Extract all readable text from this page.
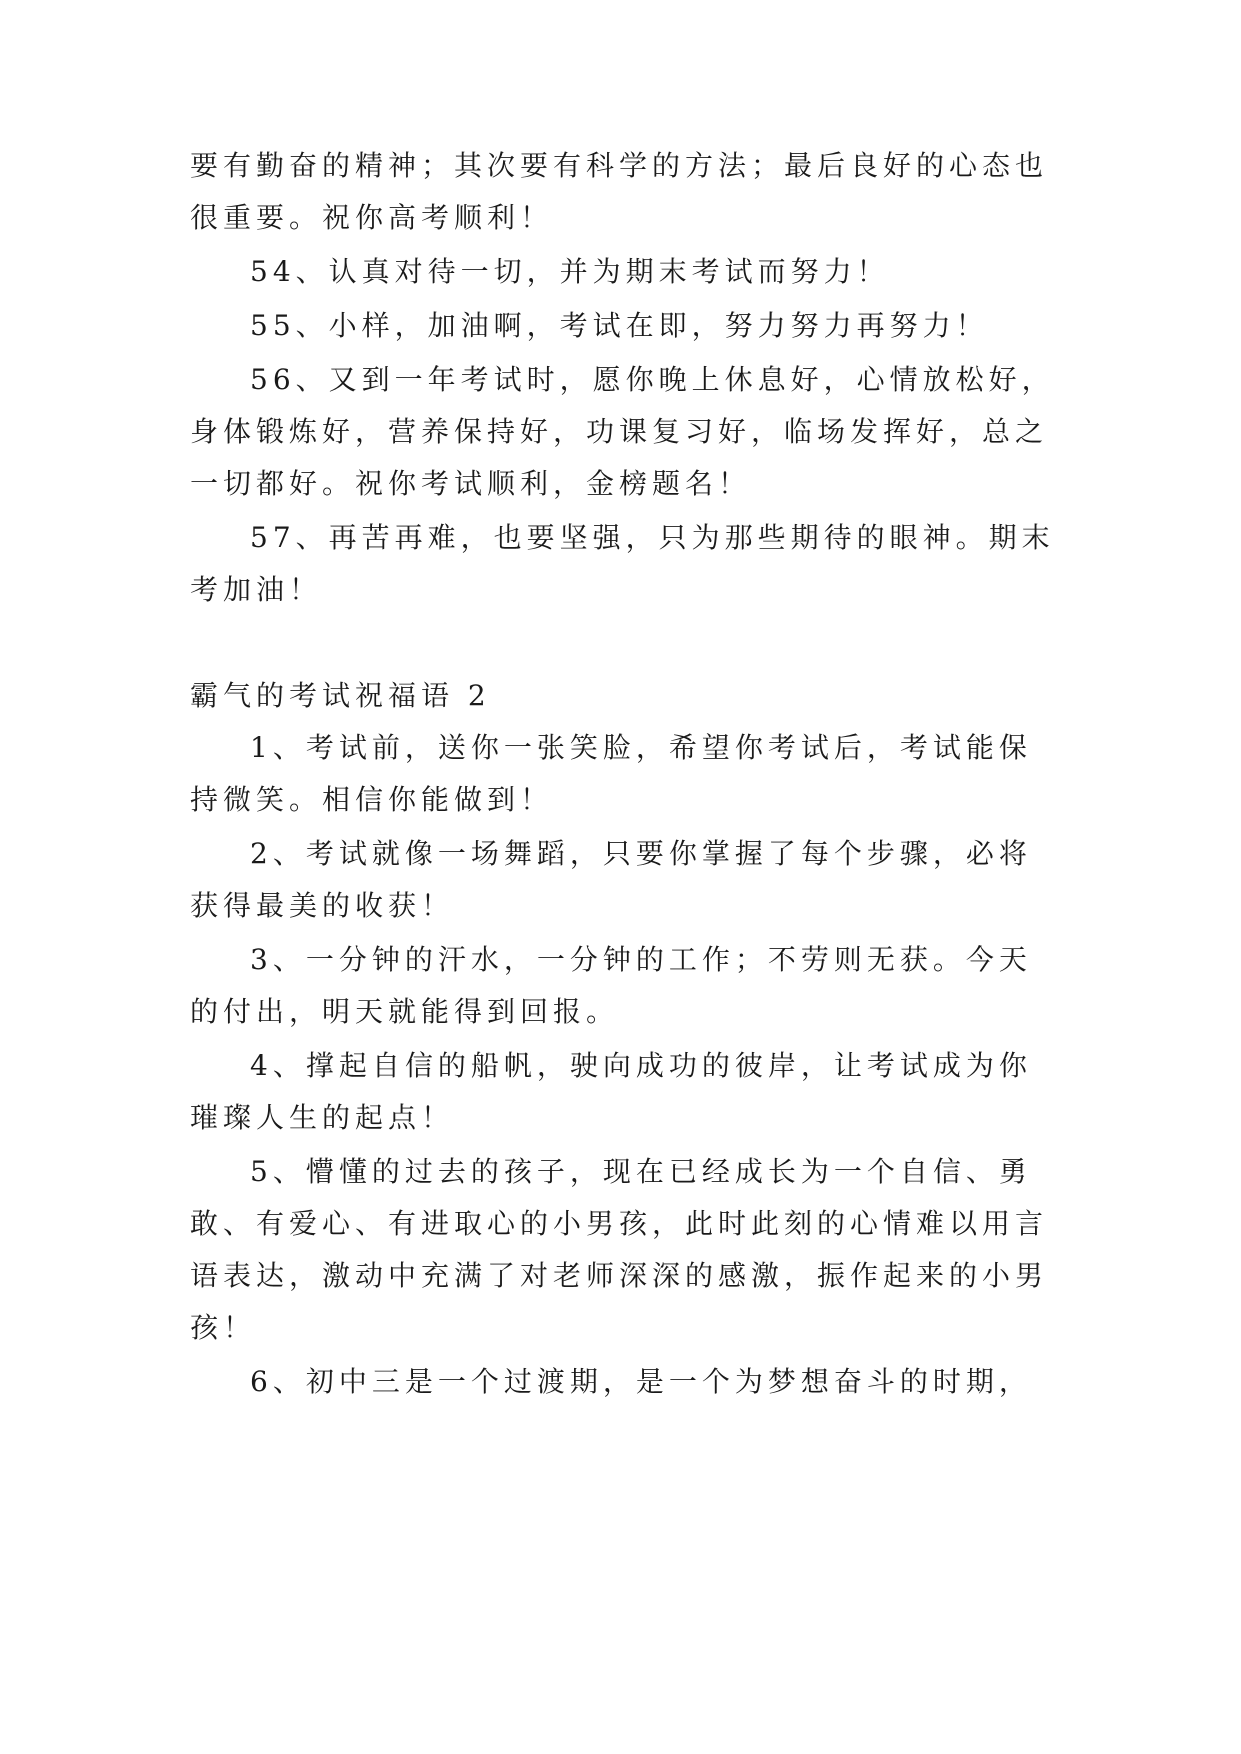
要有勤奋的精神；其次要有科学的方法；最后良好的心态也
很重要。祝你高考顺利！
54、认真对待一切，并为期末考试而努力！
55、小样，加油啊，考试在即，努力努力再努力！
56、又到一年考试时，愿你晚上休息好，心情放松好，
身体锻炼好，营养保持好，功课复习好，临场发挥好，总之
一切都好。祝你考试顺利，金榜题名！
57、再苦再难，也要坚强，只为那些期待的眼神。期末
考加油！
霸气的考试祝福语 2
1、考试前，送你一张笑脸，希望你考试后，考试能保
持微笑。相信你能做到！
2、考试就像一场舞蹈，只要你掌握了每个步骤，必将
获得最美的收获！
3、一分钟的汗水，一分钟的工作；不劳则无获。今天
的付出，明天就能得到回报。
4、撑起自信的船帆，驶向成功的彼岸，让考试成为你
璀璨人生的起点！
5、懵懂的过去的孩子，现在已经成长为一个自信、勇
敢、有爱心、有进取心的小男孩，此时此刻的心情难以用言
语表达，激动中充满了对老师深深的感激，振作起来的小男
孩！
6、初中三是一个过渡期，是一个为梦想奋斗的时期，
